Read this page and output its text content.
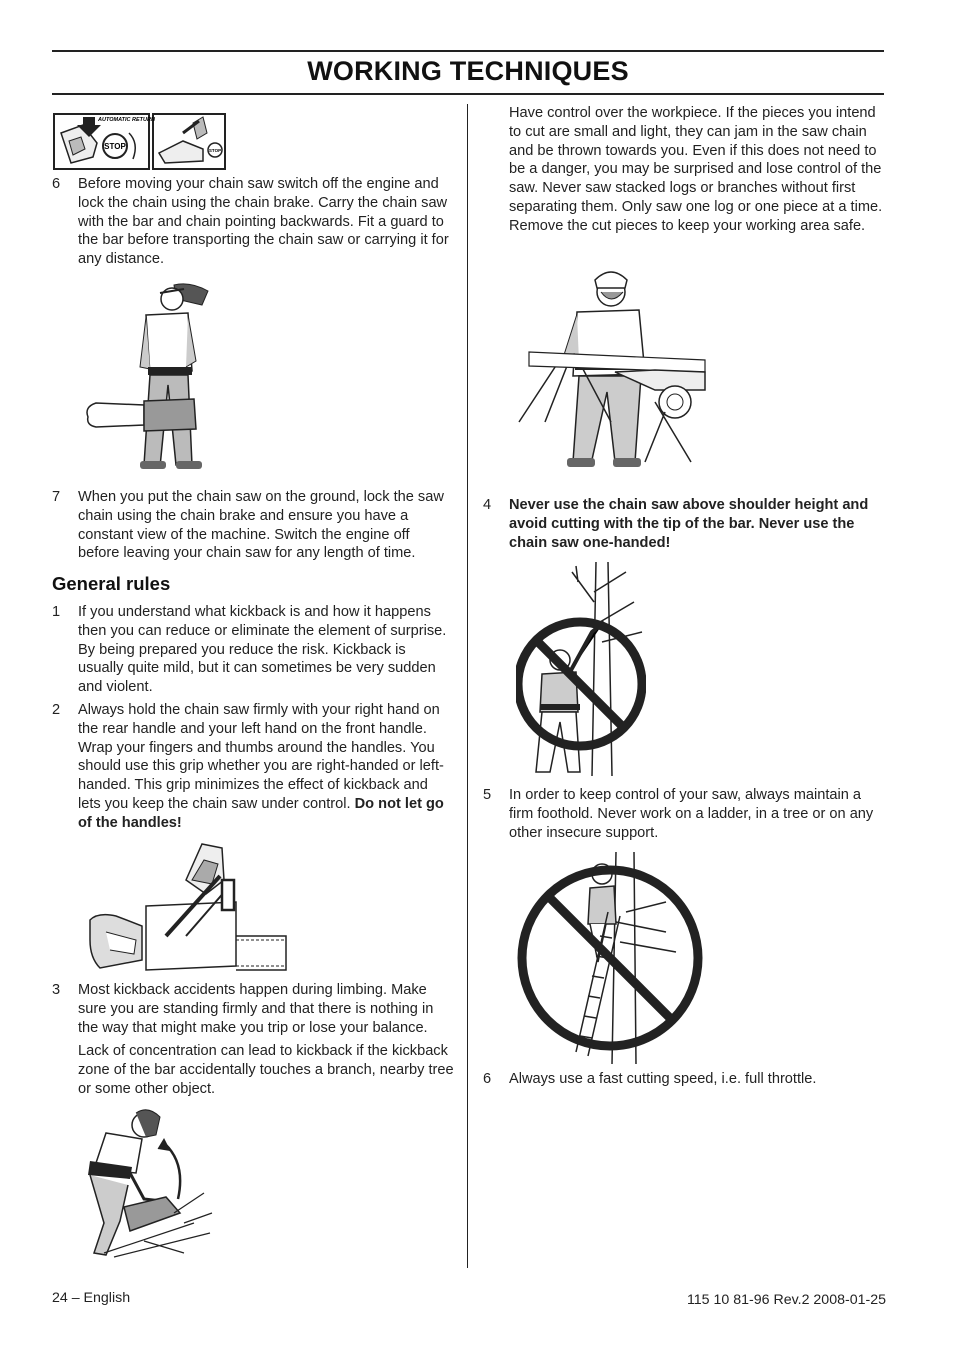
WORKING TECHNIQUES
AUTOMATIC RETURN
STOP	STOP
6 Before moving your chain saw switch off the engine and lock the chain using the chain brake. Carry the chain saw with the bar and chain pointing backwards. Fit a guard to the bar before transporting the chain saw or carrying it for any distance.
7 When you put the chain saw on the ground, lock the saw chain using the chain brake and ensure you have a constant view of the machine. Switch the engine off before leaving your chain saw for any length of time.
General rules
1 If you understand what kickback is and how it happens then you can reduce or eliminate the element of surprise. By being prepared you reduce the risk. Kickback is usually quite mild, but it can sometimes be very sudden and violent.
2 Always hold the chain saw firmly with your right hand on the rear handle and your left hand on the front handle. Wrap your fingers and thumbs around the handles. You should use this grip whether you are right-handed or left-handed. This grip minimizes the effect of kickback and lets you keep the chain saw under control. Do not let go of the handles!
3 Most kickback accidents happen during limbing. Make sure you are standing firmly and that there is nothing in the way that might make you trip or lose your balance.
Lack of concentration can lead to kickback if the kickback zone of the bar accidentally touches a branch, nearby tree or some other object.
Have control over the workpiece. If the pieces you intend to cut are small and light, they can jam in the saw chain and be thrown towards you. Even if this does not need to be a danger, you may be surprised and lose control of the saw. Never saw stacked logs or branches without first separating them. Only saw one log or one piece at a time. Remove the cut pieces to keep your working area safe.
4 Never use the chain saw above shoulder height and avoid cutting with the tip of the bar. Never use the chain saw one-handed!
5 In order to keep control of your saw, always maintain a firm foothold. Never work on a ladder, in a tree or on any other insecure support.
6 Always use a fast cutting speed, i.e. full throttle.
24 – English	115 10 81-96 Rev.2 2008-01-25
